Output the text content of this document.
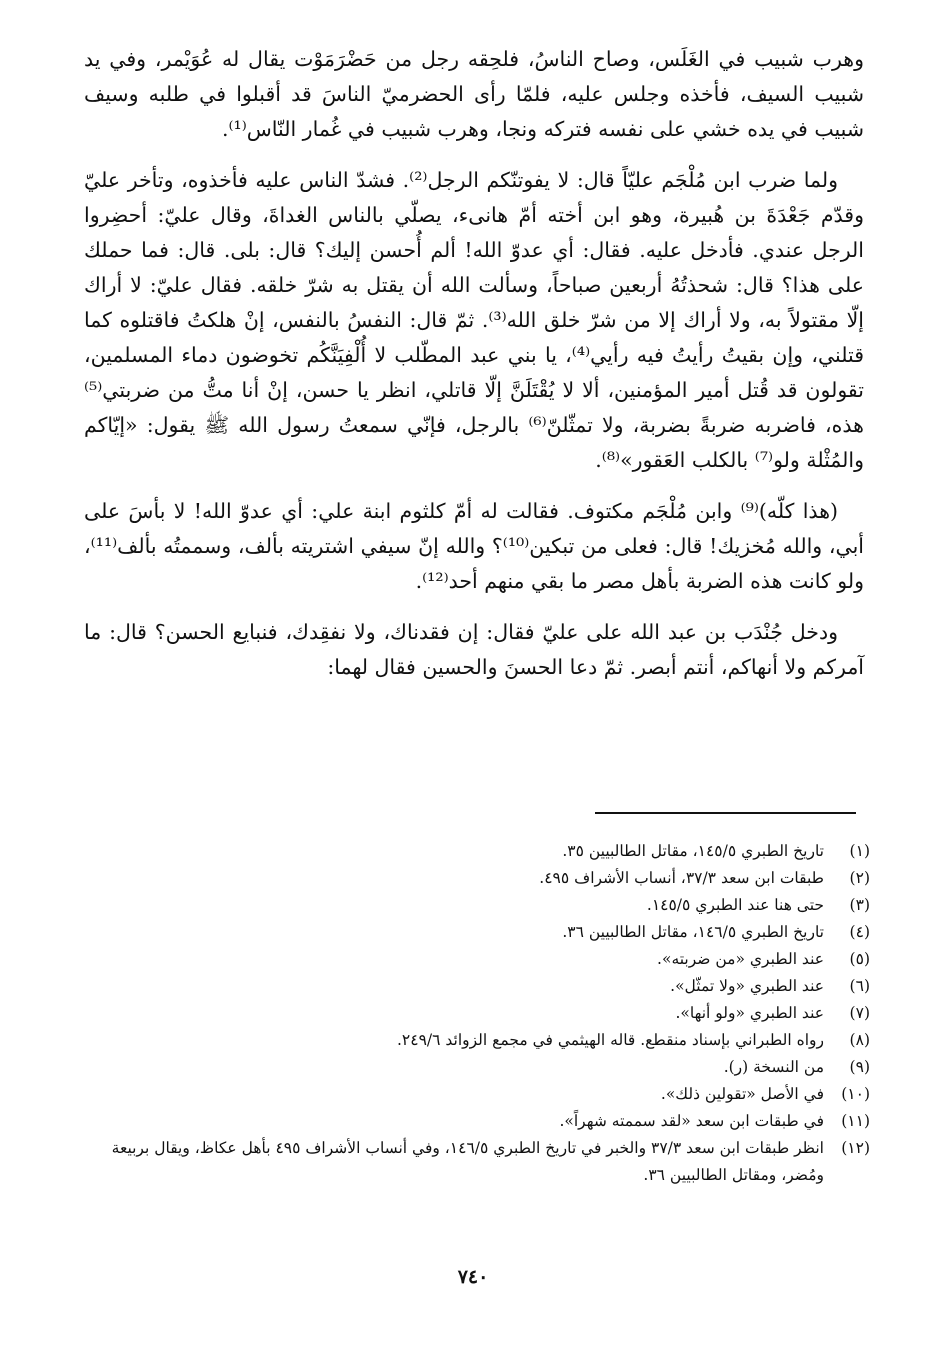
وهرب شبيب في الغَلَس، وصاح الناسُ، فلحِقه رجل من حَضْرَمَوْت يقال له عُوَيْمر، وفي يد شبيب السيف، فأخذه وجلس عليه، فلمّا رأى الحضرميّ الناسَ قد أقبلوا في طلبه وسيف شبيب في يده خشي على نفسه فتركه ونجا، وهرب شبيب في غُمار النّاس⁽¹⁾.

ولما ضرب ابن مُلْجَم عليّاً قال: لا يفوتنّكم الرجل⁽²⁾. فشدّ الناس عليه فأخذوه، وتأخر عليّ وقدّم جَعْدَةَ بن هُبيرة، وهو ابن أخته أمّ هانىء، يصلّي بالناس الغداةَ، وقال عليّ: أحضِروا الرجل عندي. فأدخل عليه. فقال: أي عدوّ الله! ألم أُحسن إليك؟ قال: بلى. قال: فما حملك على هذا؟ قال: شحذتُهُ أربعين صباحاً، وسألت الله أن يقتل به شرّ خلقه. فقال عليّ: لا أراك إلّا مقتولاً به، ولا أراك إلا من شرّ خلق الله⁽³⁾. ثمّ قال: النفسُ بالنفس، إنْ هلكتُ فاقتلوه كما قتلني، وإن بقيتُ رأيتُ فيه رأيي⁽⁴⁾، يا بني عبد المطّلب لا أُلْفِيَنَّكُم تخوضون دماء المسلمين، تقولون قد قُتل أمير المؤمنين، ألا لا يُقْتَلَنَّ إلّا قاتلي، انظر يا حسن، إنْ أنا متُّ من ضربتي⁽⁵⁾ هذه، فاضربه ضربةً بضربة، ولا تمثّلنّ⁽⁶⁾ بالرجل، فإنّي سمعتُ رسول الله ﷺ يقول: «إيّاكم والمُثْلة ولو⁽⁷⁾ بالكلب العَقور»⁽⁸⁾.

(هذا كلّه)⁽⁹⁾ وابن مُلْجَم مكتوف. فقالت له أمّ كلثوم ابنة علي: أي عدوّ الله! لا بأسَ على أبي، والله مُخزيك! قال: فعلى من تبكين⁽¹⁰⁾؟ والله إنّ سيفي اشتريته بألف، وسممتُه بألف⁽¹¹⁾، ولو كانت هذه الضربة بأهل مصر ما بقي منهم أحد⁽¹²⁾.

ودخل جُنْدَب بن عبد الله على عليّ فقال: إن فقدناك، ولا نفقِدك، فنبايع الحسن؟ قال: ما آمركم ولا أنهاكم، أنتم أبصر. ثمّ دعا الحسنَ والحسين فقال لهما:

(١)
تاريخ الطبري ١٤٥/٥، مقاتل الطالبيين ٣٥.
(٢)
طبقات ابن سعد ٣٧/٣، أنساب الأشراف ٤٩٥.
(٣)
حتى هنا عند الطبري ١٤٥/٥.
(٤)
تاريخ الطبري ١٤٦/٥، مقاتل الطالبيين ٣٦.
(٥)
عند الطبري «من ضربته».
(٦)
عند الطبري «ولا تمثّل».
(٧)
عند الطبري «ولو أنها».
(٨)
رواه الطبراني بإسناد منقطع. قاله الهيثمي في مجمع الزوائد ٢٤٩/٦.
(٩)
من النسخة (ر).
(١٠)
في الأصل «تقولين ذلك».
(١١)
في طبقات ابن سعد «لقد سممته شهراً».
(١٢)
انظر طبقات ابن سعد ٣٧/٣ والخبر في تاريخ الطبري ١٤٦/٥، وفي أنساب الأشراف ٤٩٥ بأهل عكاظ، ويقال بربيعة ومُضر، ومقاتل الطالبيين ٣٦.
٧٤٠
